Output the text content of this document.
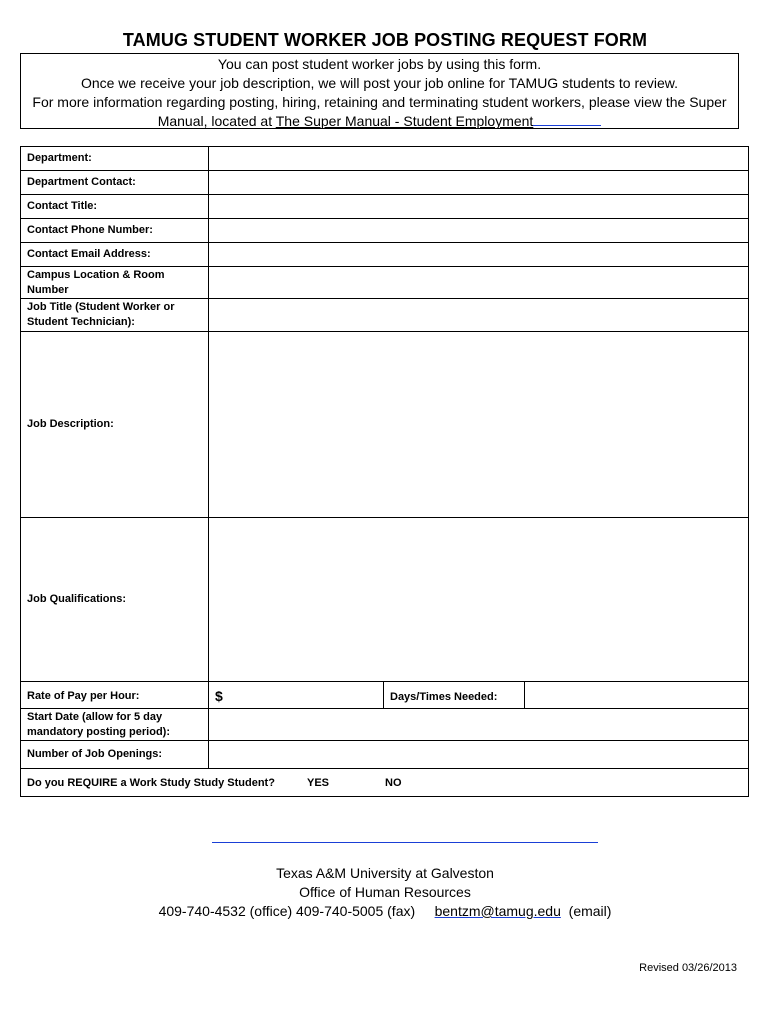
TAMUG STUDENT WORKER JOB POSTING REQUEST FORM
You can post student worker jobs by using this form.
Once we receive your job description, we will post your job online for TAMUG students to review.
For more information regarding posting, hiring, retaining and terminating student workers, please view the Super
Manual, located at The Super Manual - Student Employment
Department:			
Department Contact:			
Contact Title:			
Contact Phone Number:			
Contact Email Address:			
Campus Location & Room Number			
Job Title (Student Worker or Student Technician):			
Job Description:			
Job Qualifications:			
Rate of Pay per Hour:	$	Days/Times Needed:	
Start Date (allow for 5 day mandatory posting period):			
Number of Job Openings:			
Do you REQUIRE a Work Study Study Student? YES NO			
Texas A&M University at Galveston
Office of Human Resources
409-740-4532 (office) 409-740-5005 (fax) bentzm@tamug.edu (email)
Revised 03/26/2013
